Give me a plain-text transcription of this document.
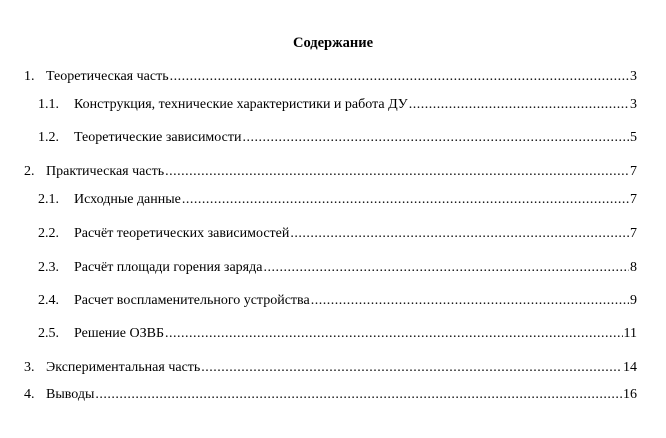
Содержание
1. Теоретическая часть .....	3
1.1.	Конструкция, технические характеристики и работа ДУ .....	3
1.2.	Теоретические зависимости .....	5
2. Практическая часть .....	7
2.1.	Исходные данные .....	7
2.2.	Расчёт теоретических зависимостей .....	7
2.3.	Расчёт площади горения заряда .....	8
2.4.	Расчет воспламенительного устройства .....	9
2.5.	Решение ОЗВБ .....	11
3. Экспериментальная часть .....	14
4. Выводы .....	16
